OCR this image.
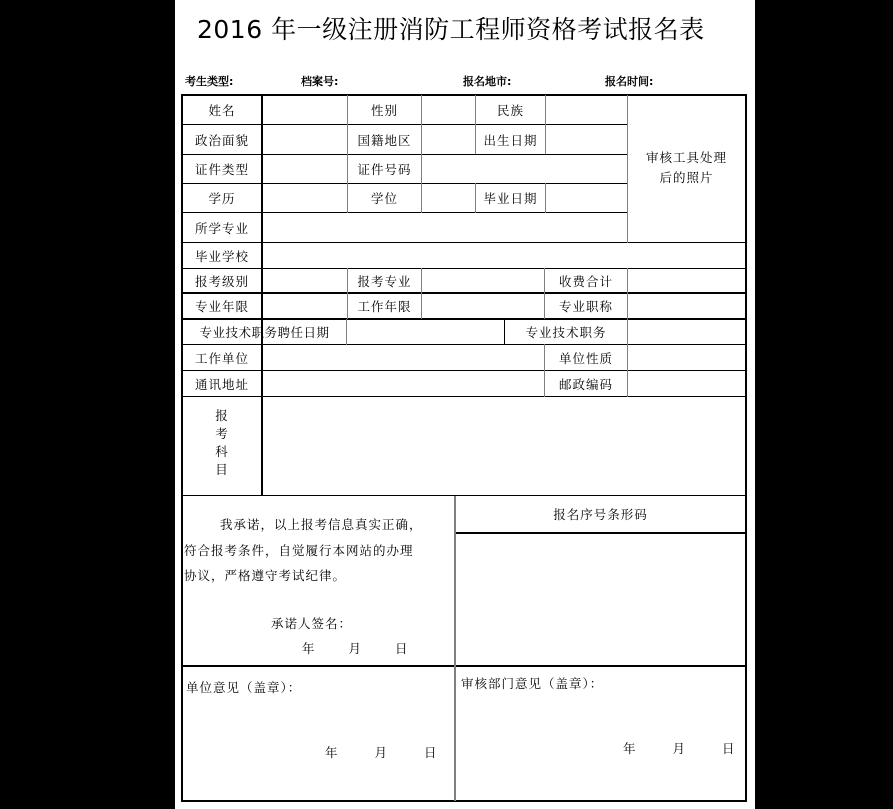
2016 年一级注册消防工程师资格考试报名表
考生类型:	档案号:	报名地市:	报名时间:
姓名	性别	民族
政治面貌	国籍地区	出生日期
证件类型	证件号码
学历	学位	毕业日期
所学专业
审核工具处理
后的照片
毕业学校
报考级别	报考专业	收费合计
专业年限	工作年限	专业职称
专业技术职务聘任日期	专业技术职务
工作单位	单位性质
通讯地址	邮政编码
报
考
科
目
我承诺，以上报考信息真实正确，
符合报考条件，自觉履行本网站的办理
协议，严格遵守考试纪律。
承诺人签名：
年　　月　　日
报名序号条形码
单位意见（盖章）：
年　　月　　日
审核部门意见（盖章）：
年　　月　　日
